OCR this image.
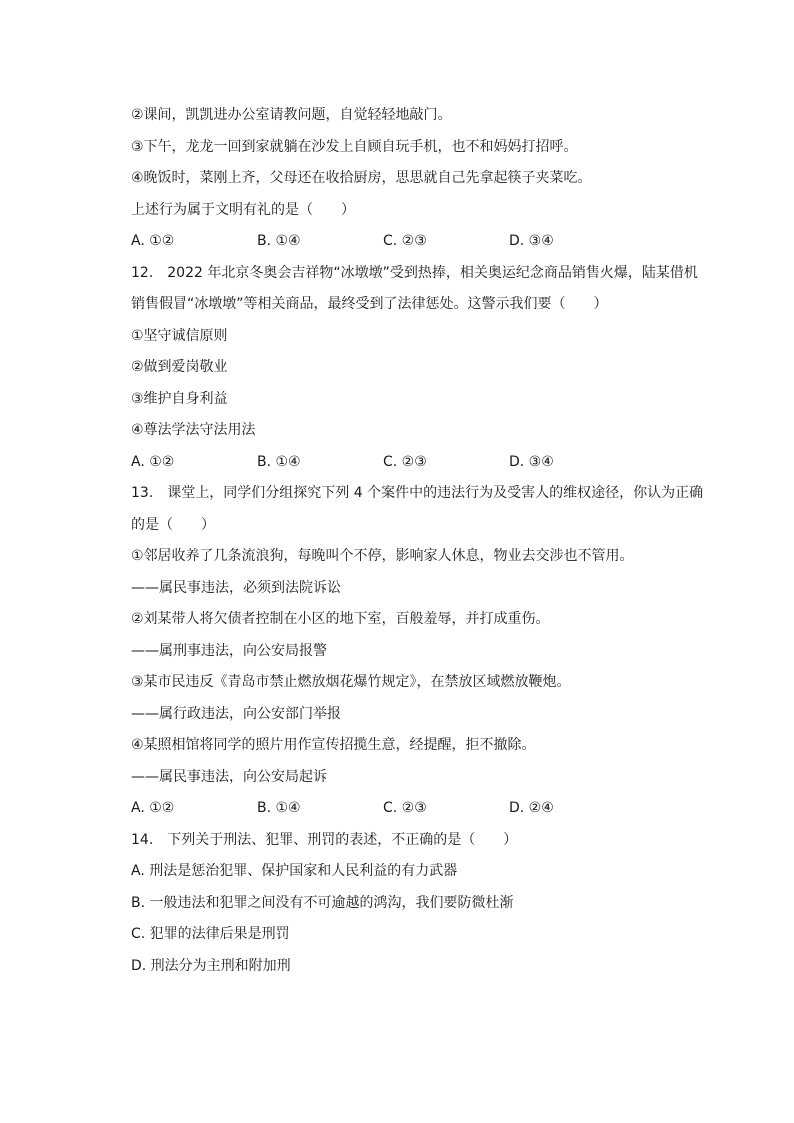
②课间，凯凯进办公室请教问题，自觉轻轻地敲门。

③下午，龙龙一回到家就躺在沙发上自顾自玩手机，也不和妈妈打招呼。

④晚饭时，菜刚上齐，父母还在收拾厨房，思思就自己先拿起筷子夹菜吃。

上述行为属于文明有礼的是（　　）

A. ①②	B. ①④	C. ②③	D. ③④

12.　2022 年北京冬奥会吉祥物“冰墩墩”受到热捧，相关奥运纪念商品销售火爆，陆某借机

销售假冒“冰墩墩”等相关商品，最终受到了法律惩处。这警示我们要（　　）

①坚守诚信原则

②做到爱岗敬业

③维护自身利益

④尊法学法守法用法

A. ①②	B. ①④	C. ②③	D. ③④

13.　课堂上，同学们分组探究下列 4 个案件中的违法行为及受害人的维权途径，你认为正确

的是（　　）

①邻居收养了几条流浪狗，每晚叫个不停，影响家人休息，物业去交涉也不管用。

——属民事违法，必须到法院诉讼

②刘某带人将欠债者控制在小区的地下室，百般羞辱，并打成重伤。

——属刑事违法，向公安局报警

③某市民违反《青岛市禁止燃放烟花爆竹规定》，在禁放区域燃放鞭炮。

——属行政违法，向公安部门举报

④某照相馆将同学的照片用作宣传招揽生意，经提醒，拒不撤除。

——属民事违法，向公安局起诉

A. ①②	B. ①④	C. ②③	D. ②④

14.　下列关于刑法、犯罪、刑罚的表述，不正确的是（　　）

A. 刑法是惩治犯罪、保护国家和人民利益的有力武器

B. 一般违法和犯罪之间没有不可逾越的鸿沟，我们要防微杜渐

C. 犯罪的法律后果是刑罚

D. 刑法分为主刑和附加刑
